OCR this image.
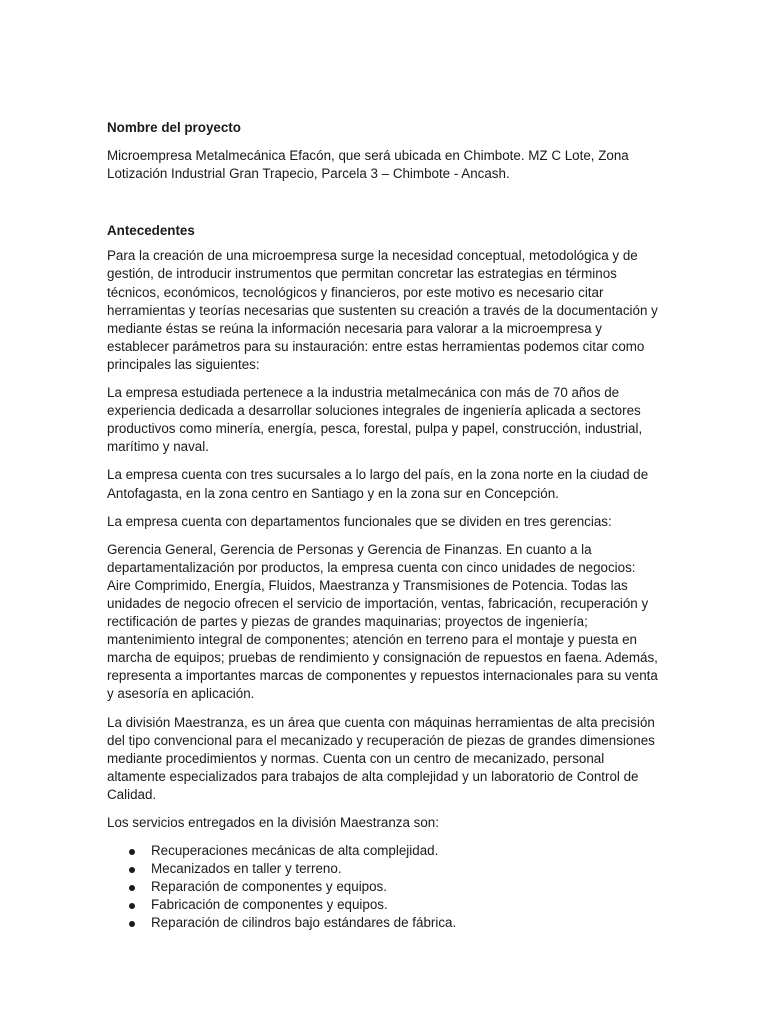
Nombre del proyecto

Microempresa Metalmecánica Efacón, que será ubicada en Chimbote. MZ C Lote, Zona Lotización Industrial Gran Trapecio, Parcela 3 – Chimbote - Ancash.

Antecedentes

Para la creación de una microempresa surge la necesidad conceptual, metodológica y de gestión, de introducir instrumentos que permitan concretar las estrategias en términos técnicos, económicos, tecnológicos y financieros, por este motivo es necesario citar herramientas y teorías necesarias que sustenten su creación a través de la documentación y mediante éstas se reúna la información necesaria para valorar a la microempresa y establecer parámetros para su instauración: entre estas herramientas podemos citar como principales las siguientes:

La empresa estudiada pertenece a la industria metalmecánica con más de 70 años de experiencia dedicada a desarrollar soluciones integrales de ingeniería aplicada a sectores productivos como minería, energía, pesca, forestal, pulpa y papel, construcción, industrial, marítimo y naval.

La empresa cuenta con tres sucursales a lo largo del país, en la zona norte en la ciudad de Antofagasta, en la zona centro en Santiago y en la zona sur en Concepción.

La empresa cuenta con departamentos funcionales que se dividen en tres gerencias:

Gerencia General, Gerencia de Personas y Gerencia de Finanzas. En cuanto a la departamentalización por productos, la empresa cuenta con cinco unidades de negocios: Aire Comprimido, Energía, Fluidos, Maestranza y Transmisiones de Potencia. Todas las unidades de negocio ofrecen el servicio de importación, ventas, fabricación, recuperación y rectificación de partes y piezas de grandes maquinarias; proyectos de ingeniería; mantenimiento integral de componentes; atención en terreno para el montaje y puesta en marcha de equipos; pruebas de rendimiento y consignación de repuestos en faena. Además, representa a importantes marcas de componentes y repuestos internacionales para su venta y asesoría en aplicación.

La división Maestranza, es un área que cuenta con máquinas herramientas de alta precisión del tipo convencional para el mecanizado y recuperación de piezas de grandes dimensiones mediante procedimientos y normas. Cuenta con un centro de mecanizado, personal altamente especializados para trabajos de alta complejidad y un laboratorio de Control de Calidad.

Los servicios entregados en la división Maestranza son:

Recuperaciones mecánicas de alta complejidad.
Mecanizados en taller y terreno.
Reparación de componentes y equipos.
Fabricación de componentes y equipos.
Reparación de cilindros bajo estándares de fábrica.
